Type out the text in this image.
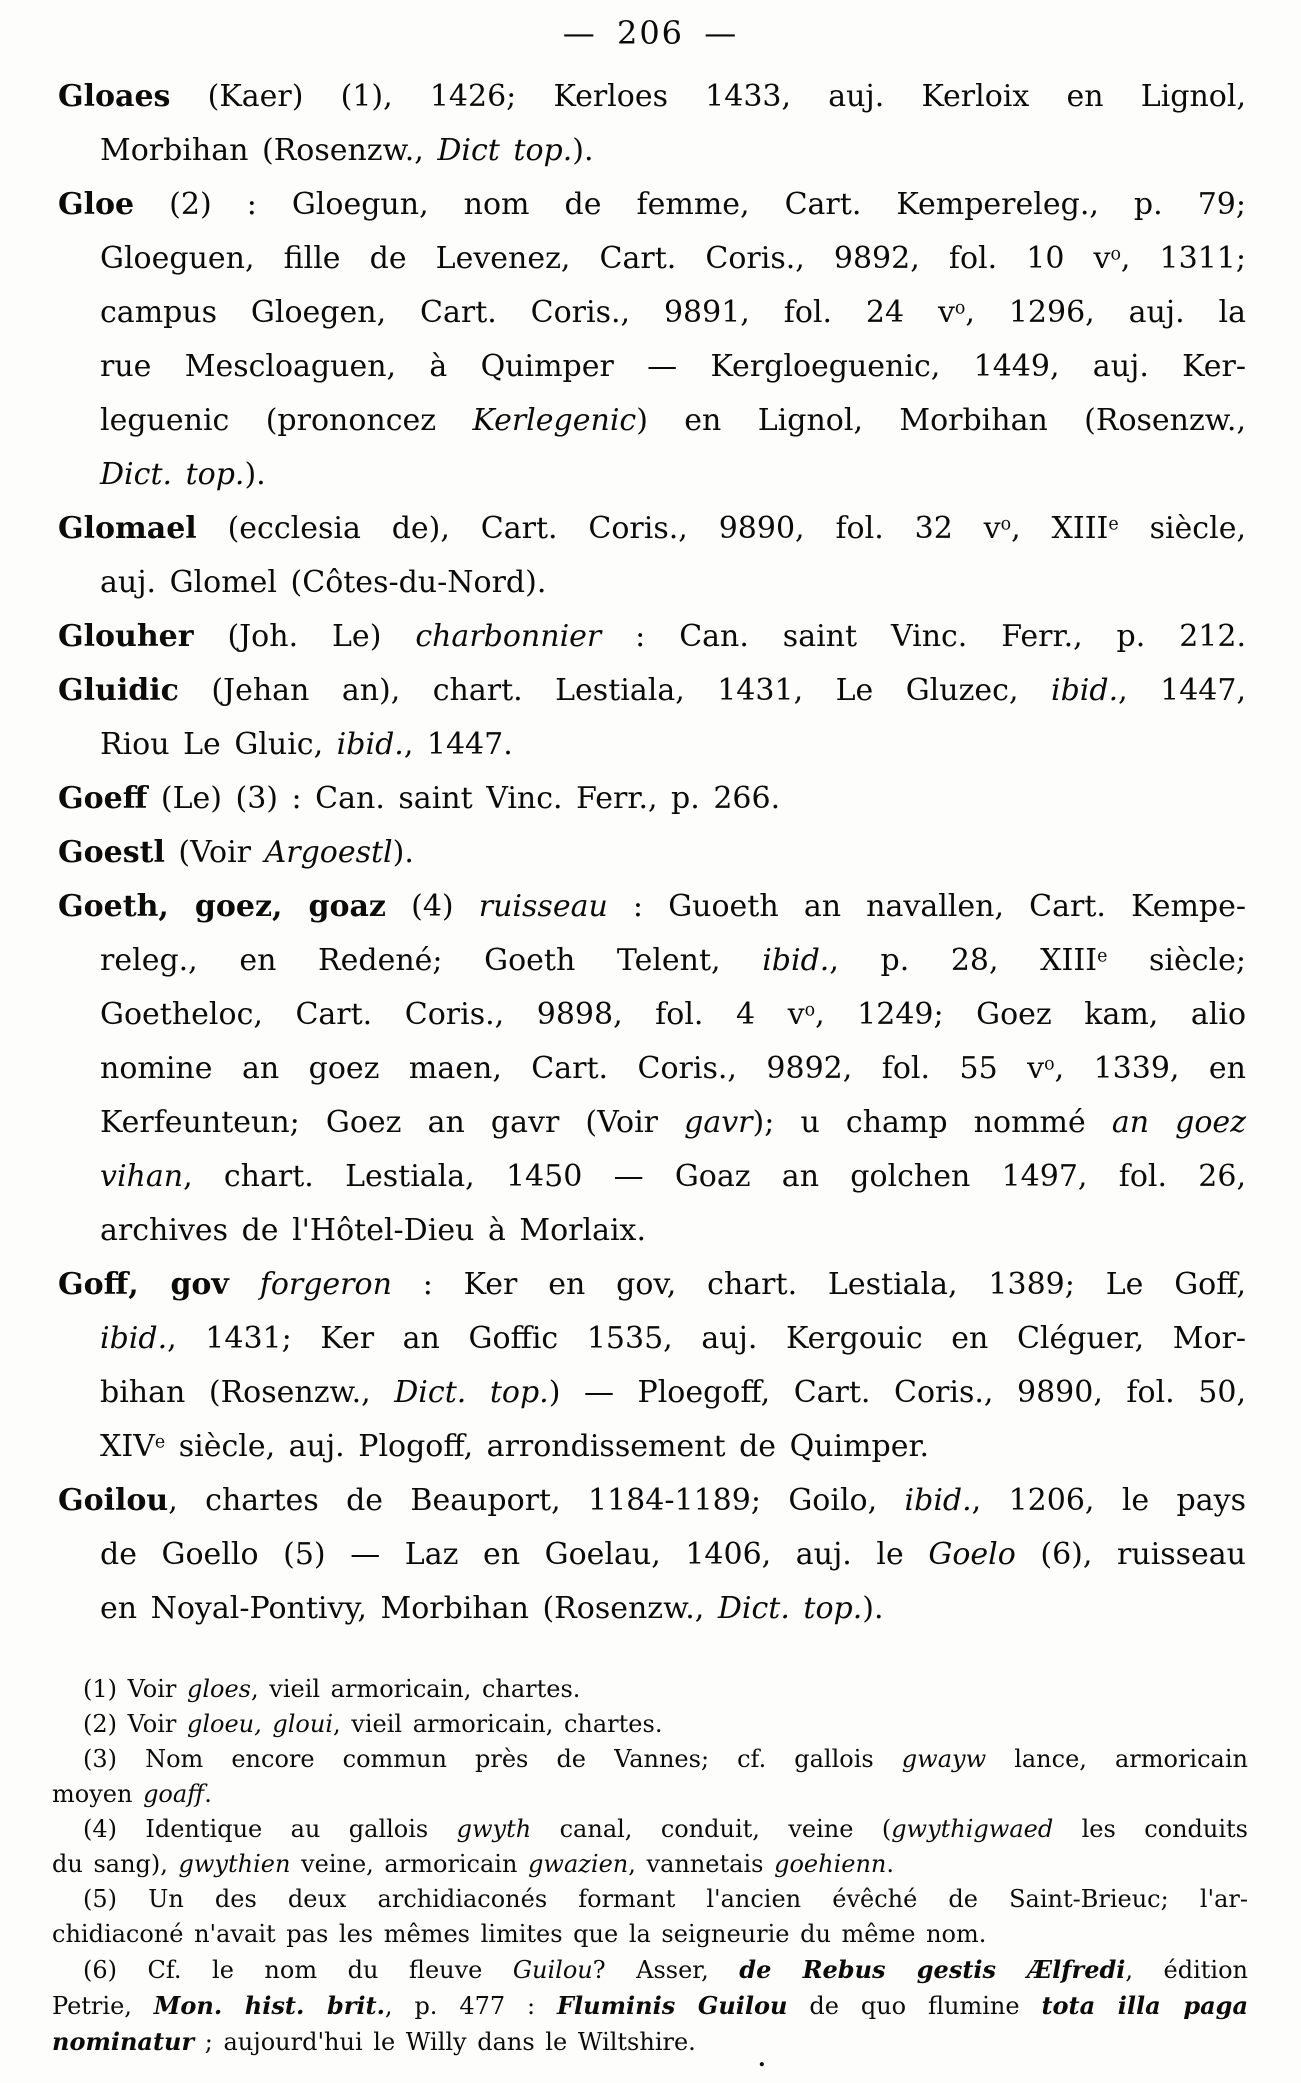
— 206 —
Gloaes (Kaer) (1), 1426; Kerloes 1433, auj. Kerloix en Lignol,
Morbihan (Rosenzw., Dict top.).
Gloe (2) : Gloegun, nom de femme, Cart. Kempereleg., p. 79;
Gloeguen, fille de Levenez, Cart. Coris., 9892, fol. 10 $v^o$, 1311;
campus Gloegen, Cart. Coris., 9891, fol. 24 $v^o$, 1296, auj. la
rue Mescloaguen, à Quimper — Kergloeguenic, 1449, auj. Ker-
leguenic (prononcez Kerlegenic) en Lignol, Morbihan (Rosenzw.,
Dict. top.).
Glomael (ecclesia de), Cart. Coris., 9890, fol. 32 $v^o$, XIIIe siècle,
auj. Glomel (Côtes-du-Nord).
Glouher (Joh. Le) charbonnier : Can. saint Vinc. Ferr., p. 212.
Gluidic (Jehan an), chart. Lestiala, 1431, Le Gluzec, ibid., 1447,
Riou Le Gluic, ibid., 1447.
Goeff (Le) (3) : Can. saint Vinc. Ferr., p. 266.
Goestl (Voir Argoestl).
Goeth, goez, goaz (4) ruisseau : Guoeth an navallen, Cart. Kempe-
releg., en Redené; Goeth Telent, ibid., p. 28, XIIIe siècle;
Goetheloc, Cart. Coris., 9898, fol. 4 $v^o$, 1249; Goez kam, alio
nomine an goez maen, Cart. Coris., 9892, fol. 55 $v^o$, 1339, en
Kerfeunteun; Goez an gavr (Voir gavr); u champ nommé an goez
vihan, chart. Lestiala, 1450 — Goaz an golchen 1497, fol. 26,
archives de l'Hôtel-Dieu à Morlaix.
Goff, gov forgeron : Ker en gov, chart. Lestiala, 1389; Le Goff,
ibid., 1431; Ker an Goffic 1535, auj. Kergouic en Cléguer, Mor-
bihan (Rosenzw., Dict. top.) — Ploegoff, Cart. Coris., 9890, fol. 50,
XIVe siècle, auj. Plogoff, arrondissement de Quimper.
Goilou, chartes de Beauport, 1184-1189; Goilo, ibid., 1206, le pays
de Goello (5) — Laz en Goelau, 1406, auj. le Goelo (6), ruisseau
en Noyal-Pontivy, Morbihan (Rosenzw., Dict. top.).
(1) Voir gloes, vieil armoricain, chartes.
(2) Voir gloeu, gloui, vieil armoricain, chartes.
(3) Nom encore commun près de Vannes; cf. gallois gwayw lance, armoricain
moyen goaff.
(4) Identique au gallois gwyth canal, conduit, veine (gwythigwaed les conduits
du sang), gwythien veine, armoricain gwazien, vannetais goehienn.
(5) Un des deux archidiaconés formant l'ancien évêché de Saint-Brieuc; l'ar-
chidiaconé n'avait pas les mêmes limites que la seigneurie du même nom.
(6) Cf. le nom du fleuve Guilou? Asser, de Rebus gestis Ælfredi, édition
Petrie, Mon. hist. brit., p. 477 : Fluminis Guilou de quo flumine tota illa paga
nominatur ; aujourd'hui le Willy dans le Wiltshire.
.
